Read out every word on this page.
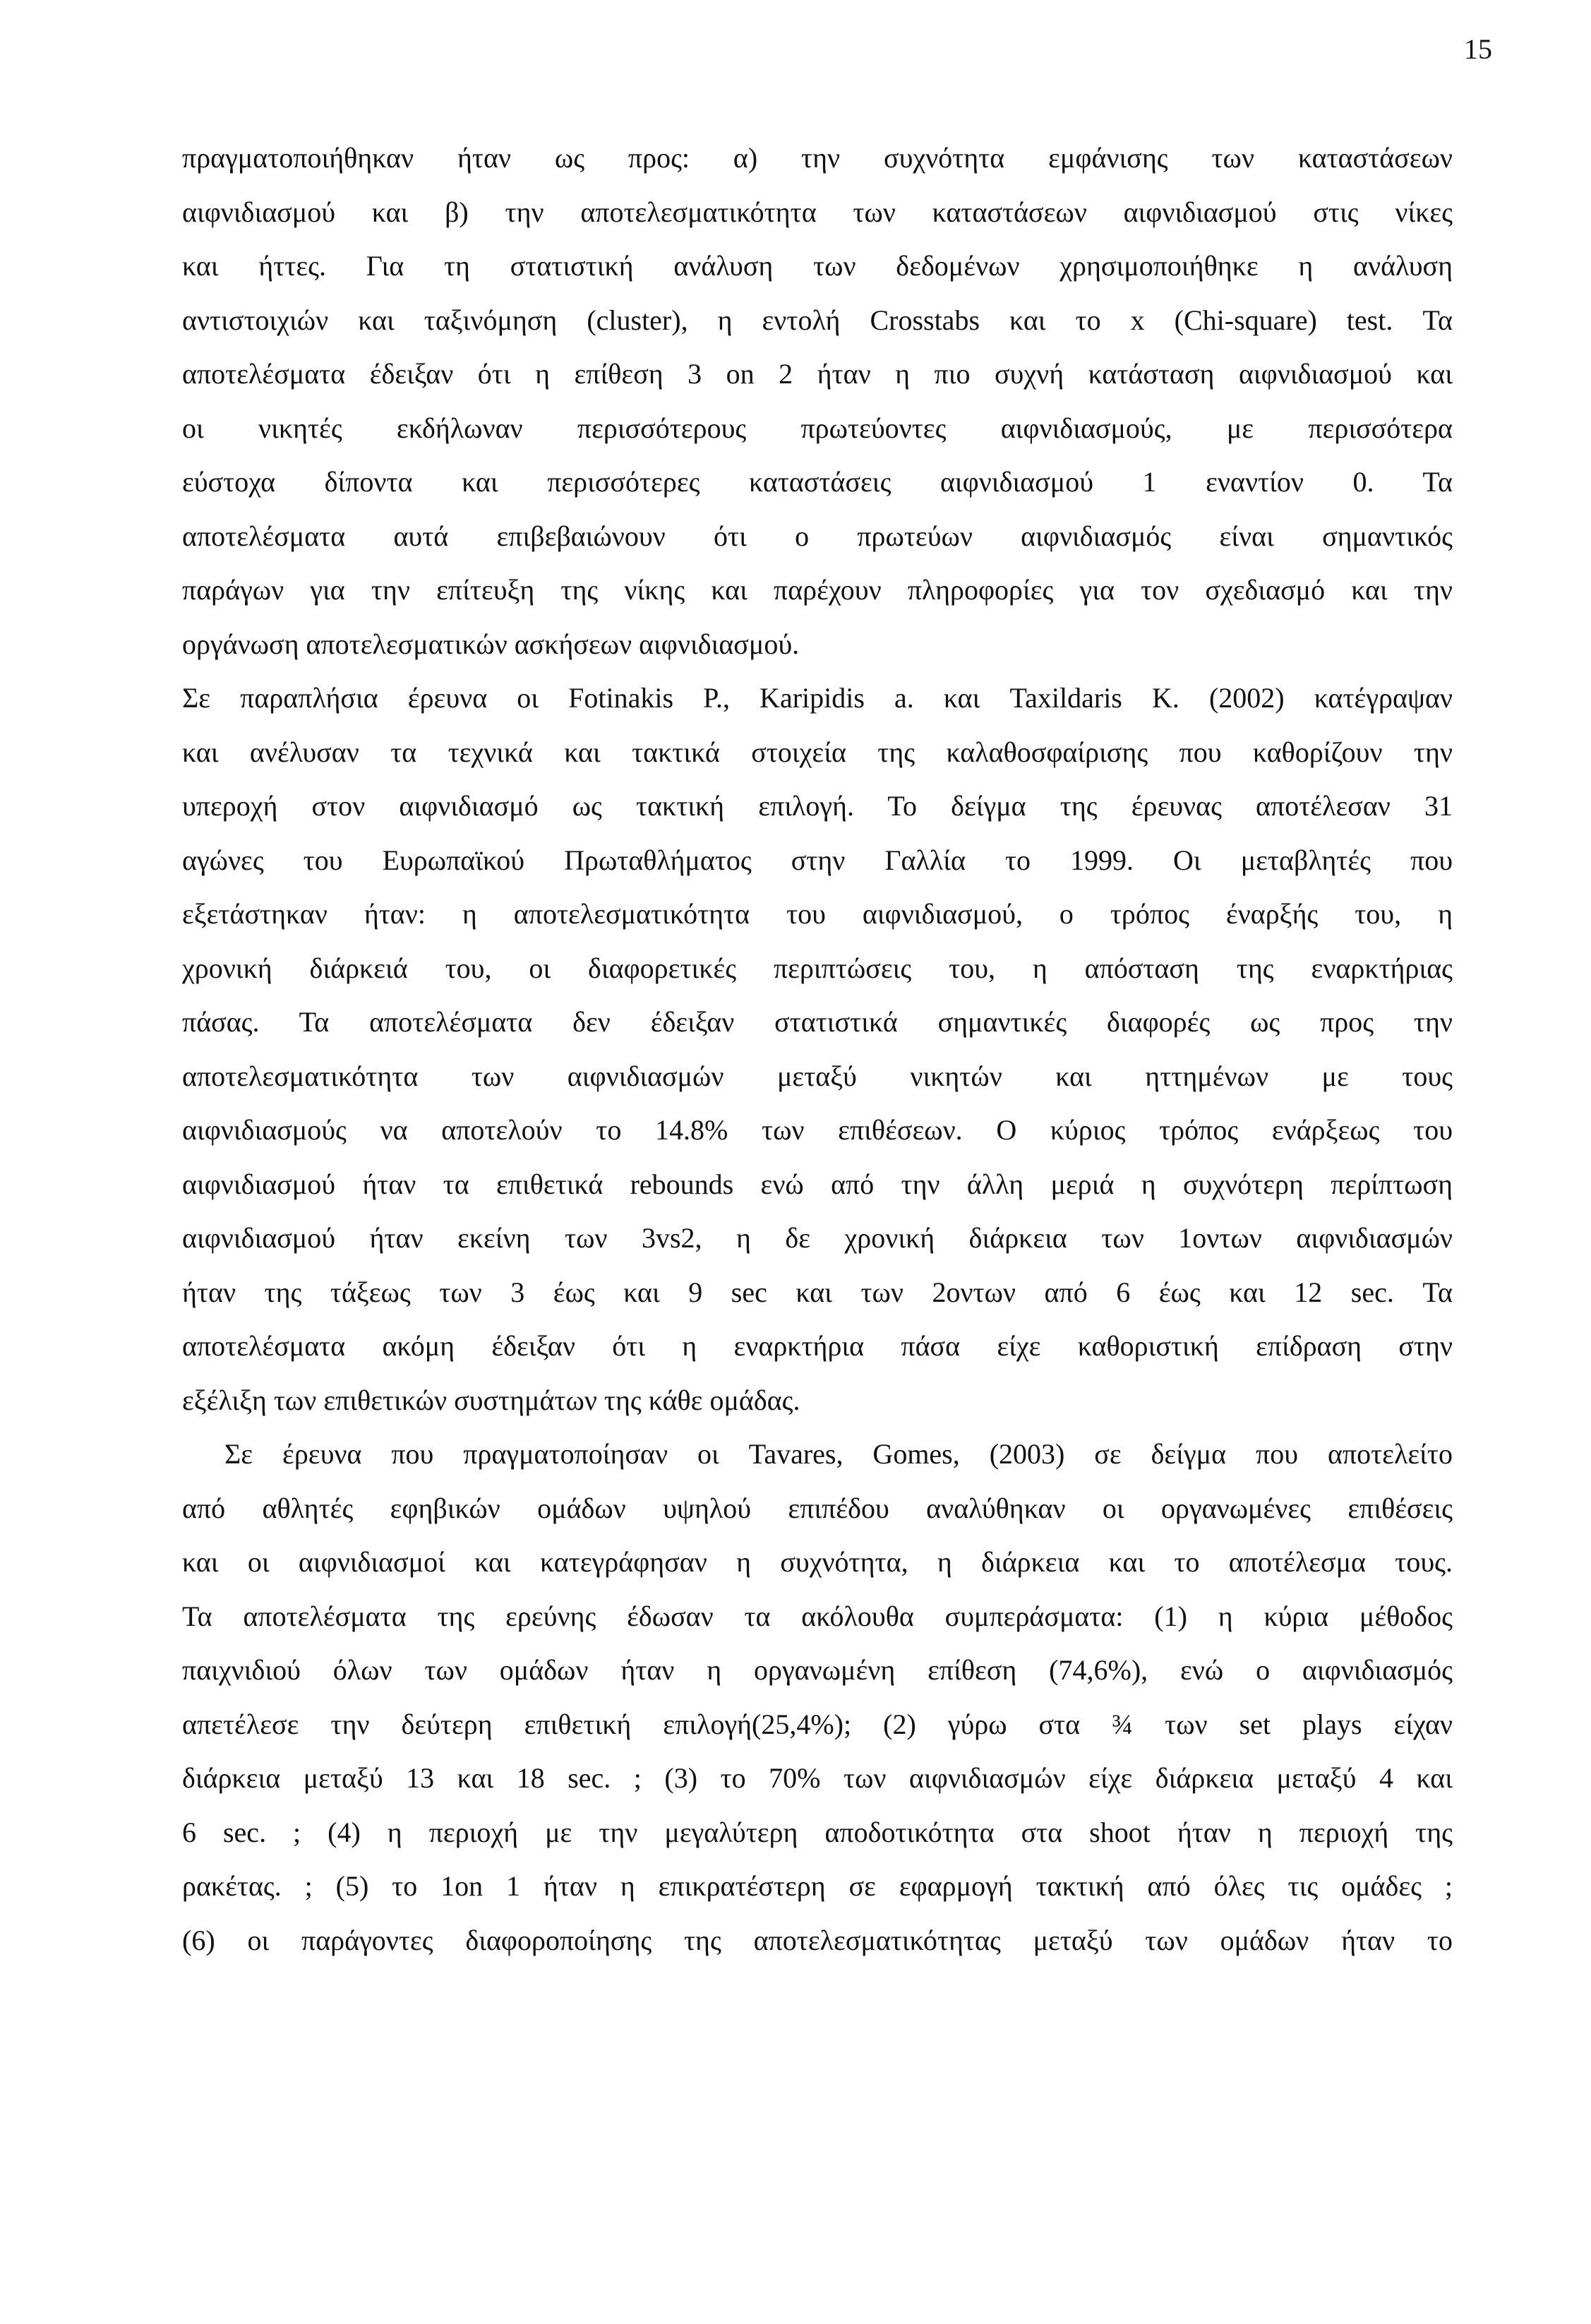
15
πραγματοποιήθηκαν ήταν ως προς: α) την συχνότητα εμφάνισης των καταστάσεων
αιφνιδιασμού και β) την αποτελεσματικότητα των καταστάσεων αιφνιδιασμού στις νίκες
και ήττες. Για τη στατιστική ανάλυση των δεδομένων χρησιμοποιήθηκε η ανάλυση
αντιστοιχιών και ταξινόμηση (cluster), η εντολή Crosstabs και το x (Chi-square) test. Τα
αποτελέσματα έδειξαν ότι η επίθεση 3 on 2 ήταν η πιο συχνή κατάσταση αιφνιδιασμού και
οι νικητές εκδήλωναν περισσότερους πρωτεύοντες αιφνιδιασμούς, με περισσότερα
εύστοχα δίποντα και περισσότερες καταστάσεις αιφνιδιασμού 1 εναντίον 0. Τα
αποτελέσματα αυτά επιβεβαιώνουν ότι ο πρωτεύων αιφνιδιασμός είναι σημαντικός
παράγων για την επίτευξη της νίκης και παρέχουν πληροφορίες για τον σχεδιασμό και την
οργάνωση αποτελεσματικών ασκήσεων αιφνιδιασμού.
Σε παραπλήσια έρευνα οι Fotinakis P., Karipidis a. και Taxildaris K. (2002) κατέγραψαν
και ανέλυσαν τα τεχνικά και τακτικά στοιχεία της καλαθοσφαίρισης που καθορίζουν την
υπεροχή στον αιφνιδιασμό ως τακτική επιλογή. Το δείγμα της έρευνας αποτέλεσαν 31
αγώνες του Ευρωπαϊκού Πρωταθλήματος στην Γαλλία το 1999. Οι μεταβλητές που
εξετάστηκαν ήταν: η αποτελεσματικότητα του αιφνιδιασμού, ο τρόπος έναρξής του, η
χρονική διάρκειά του, οι διαφορετικές περιπτώσεις του, η απόσταση της εναρκτήριας
πάσας. Τα αποτελέσματα δεν έδειξαν στατιστικά σημαντικές διαφορές ως προς την
αποτελεσματικότητα των αιφνιδιασμών μεταξύ νικητών και ηττημένων με τους
αιφνιδιασμούς να αποτελούν το 14.8% των επιθέσεων. Ο κύριος τρόπος ενάρξεως του
αιφνιδιασμού ήταν τα επιθετικά rebounds ενώ από την άλλη μεριά η συχνότερη περίπτωση
αιφνιδιασμού ήταν εκείνη των 3vs2, η δε χρονική διάρκεια των 1οντων αιφνιδιασμών
ήταν της τάξεως των 3 έως και 9 sec και των 2οντων από 6 έως και 12 sec. Τα
αποτελέσματα ακόμη έδειξαν ότι η εναρκτήρια πάσα είχε καθοριστική επίδραση στην
εξέλιξη των επιθετικών συστημάτων της κάθε ομάδας.
Σε έρευνα που πραγματοποίησαν οι Tavares, Gomes, (2003) σε δείγμα που αποτελείτο
από αθλητές εφηβικών ομάδων υψηλού επιπέδου αναλύθηκαν οι οργανωμένες επιθέσεις
και οι αιφνιδιασμοί και κατεγράφησαν η συχνότητα, η διάρκεια και το αποτέλεσμα τους.
Τα αποτελέσματα της ερεύνης έδωσαν τα ακόλουθα συμπεράσματα: (1) η κύρια μέθοδος
παιχνιδιού όλων των ομάδων ήταν η οργανωμένη επίθεση (74,6%), ενώ ο αιφνιδιασμός
απετέλεσε την δεύτερη επιθετική επιλογή(25,4%); (2) γύρω στα ¾ των set plays είχαν
διάρκεια μεταξύ 13 και 18 sec. ; (3) το 70% των αιφνιδιασμών είχε διάρκεια μεταξύ 4 και
6 sec. ; (4) η περιοχή με την μεγαλύτερη αποδοτικότητα στα shoot ήταν η περιοχή της
ρακέτας. ; (5) το 1on 1 ήταν η επικρατέστερη σε εφαρμογή τακτική από όλες τις ομάδες ;
(6) οι παράγοντες διαφοροποίησης της αποτελεσματικότητας μεταξύ των ομάδων ήταν το
